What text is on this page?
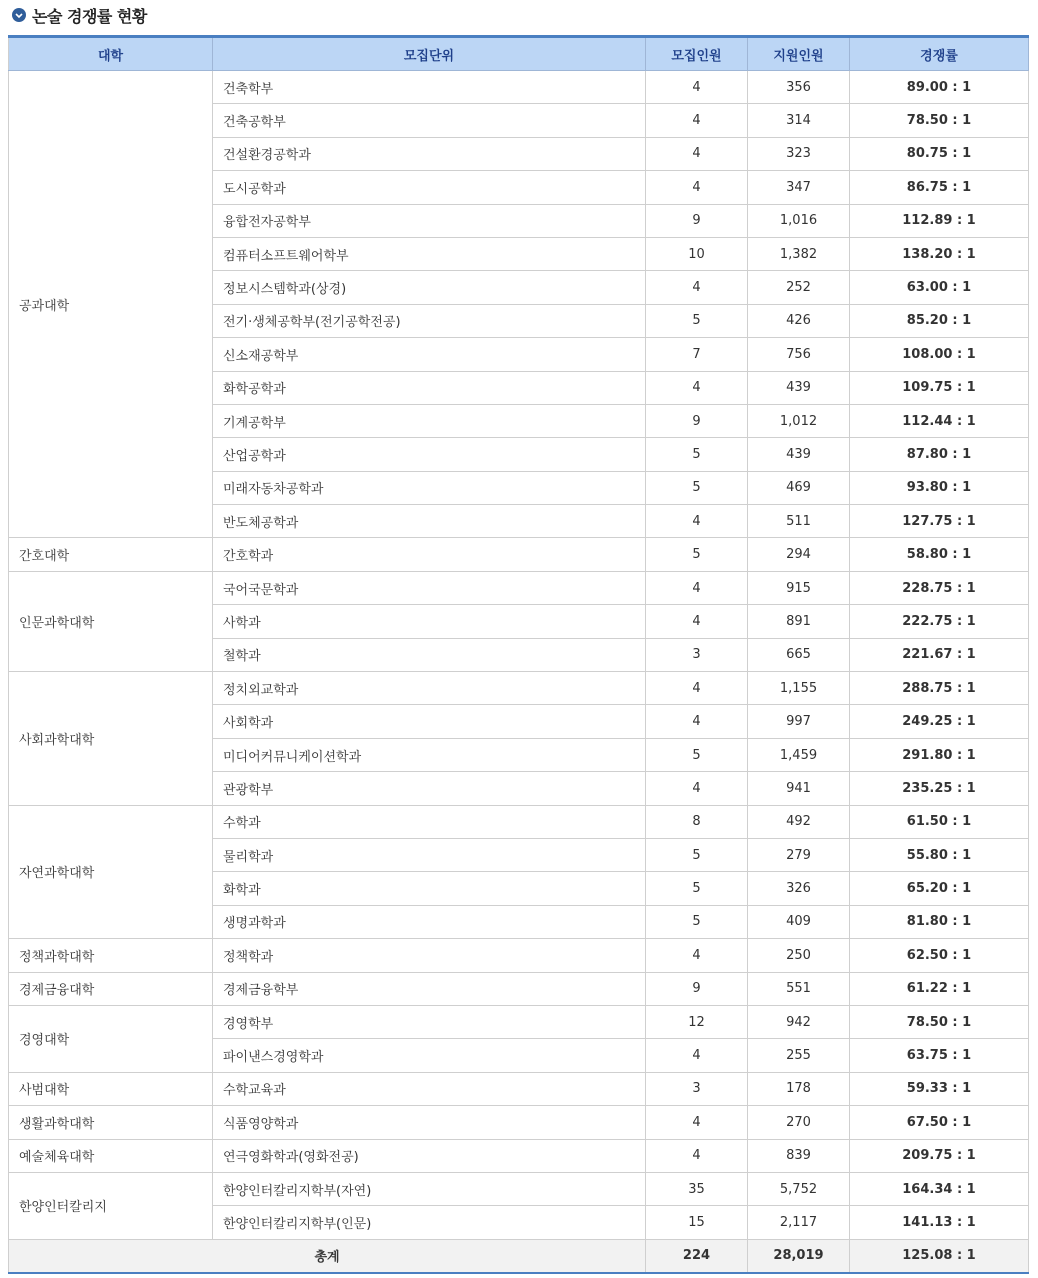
논술 경쟁률 현황
대학	모집단위	모집인원	지원인원	경쟁률
공과대학	건축학부	4	356	89.00 : 1
	건축공학부	4	314	78.50 : 1
	건설환경공학과	4	323	80.75 : 1
	도시공학과	4	347	86.75 : 1
	융합전자공학부	9	1,016	112.89 : 1
	컴퓨터소프트웨어학부	10	1,382	138.20 : 1
	정보시스템학과(상경)	4	252	63.00 : 1
	전기·생체공학부(전기공학전공)	5	426	85.20 : 1
	신소재공학부	7	756	108.00 : 1
	화학공학과	4	439	109.75 : 1
	기계공학부	9	1,012	112.44 : 1
	산업공학과	5	439	87.80 : 1
	미래자동차공학과	5	469	93.80 : 1
	반도체공학과	4	511	127.75 : 1
간호대학	간호학과	5	294	58.80 : 1
인문과학대학	국어국문학과	4	915	228.75 : 1
	사학과	4	891	222.75 : 1
	철학과	3	665	221.67 : 1
사회과학대학	정치외교학과	4	1,155	288.75 : 1
	사회학과	4	997	249.25 : 1
	미디어커뮤니케이션학과	5	1,459	291.80 : 1
	관광학부	4	941	235.25 : 1
자연과학대학	수학과	8	492	61.50 : 1
	물리학과	5	279	55.80 : 1
	화학과	5	326	65.20 : 1
	생명과학과	5	409	81.80 : 1
정책과학대학	정책학과	4	250	62.50 : 1
경제금융대학	경제금융학부	9	551	61.22 : 1
경영대학	경영학부	12	942	78.50 : 1
	파이낸스경영학과	4	255	63.75 : 1
사범대학	수학교육과	3	178	59.33 : 1
생활과학대학	식품영양학과	4	270	67.50 : 1
예술체육대학	연극영화학과(영화전공)	4	839	209.75 : 1
한양인터칼리지	한양인터칼리지학부(자연)	35	5,752	164.34 : 1
	한양인터칼리지학부(인문)	15	2,117	141.13 : 1
총계		224	28,019	125.08 : 1
